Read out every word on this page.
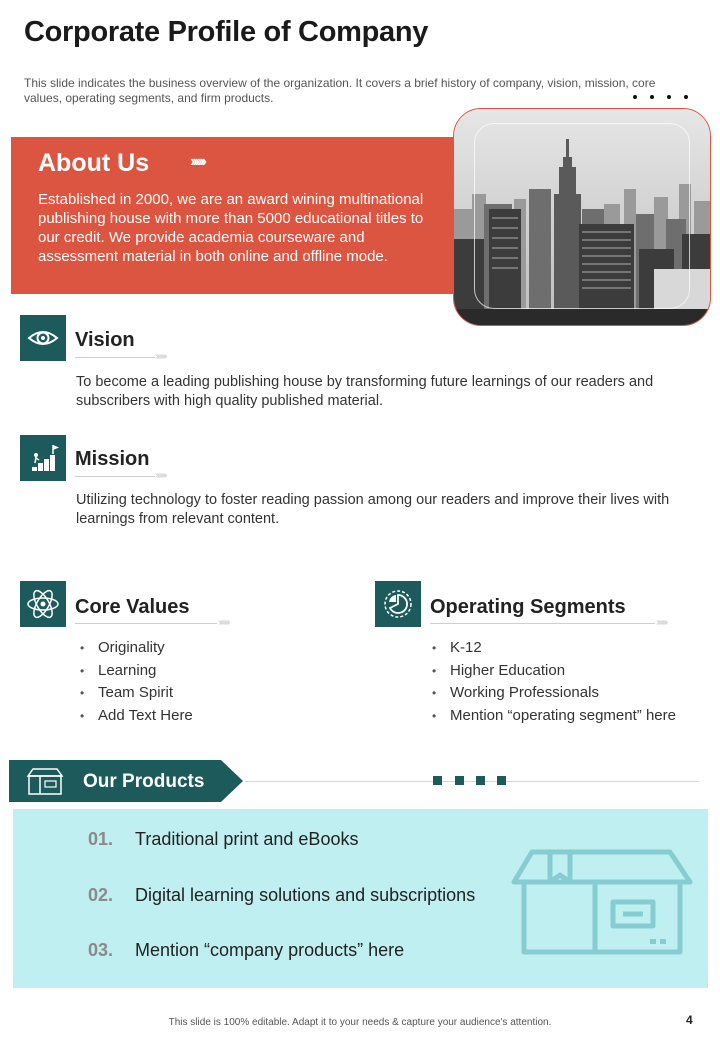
Corporate Profile of Company
This slide indicates the business overview of the organization. It covers a brief history of company, vision, mission, core values, operating segments, and firm products.
About Us	››››››
Established in 2000, we are an award wining multinational publishing house with more than 5000 educational titles to our credit. We provide academia courseware and assessment material in both online and offline mode.
Vision
››››››››
To become a leading publishing house by transforming future learnings of our readers and subscribers with high quality published material.
Mission
››››››››
Utilizing technology to foster reading passion among our readers and improve their lives with learnings from relevant content.
Core Values
››››››››
• Originality
• Learning
• Team Spirit
• Add Text Here
Operating Segments
››››››››
• K-12
• Higher Education
• Working Professionals
• Mention “operating segment” here
Our Products
01. Traditional print and eBooks
02. Digital learning solutions and subscriptions
03. Mention “company products” here
This slide is 100% editable. Adapt it to your needs & capture your audience's attention.	4
